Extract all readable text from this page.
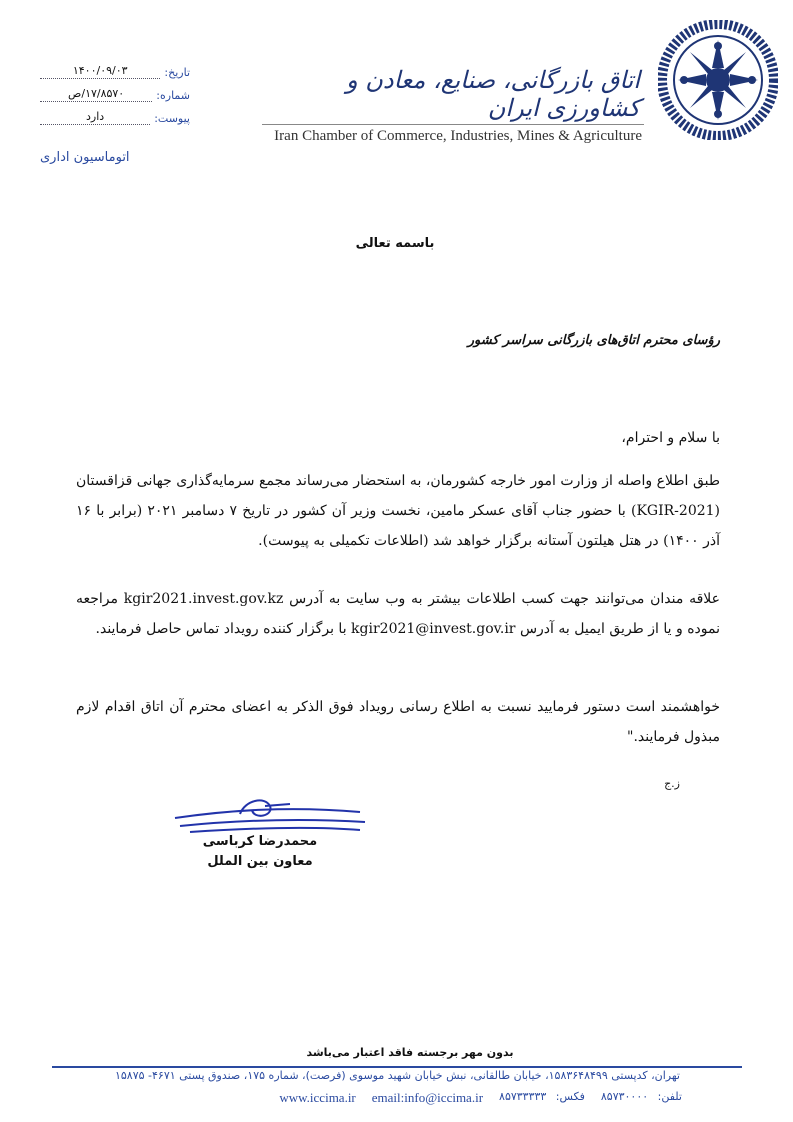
تاریخ:
۱۴۰۰/۰۹/۰۳
شماره:
۱۷/۸۵۷۰/ص
پیوست:
دارد
اتوماسیون اداری
اتاق بازرگانی، صنایع، معادن و کشاورزی ایران
Iran Chamber of Commerce, Industries, Mines & Agriculture
باسمه تعالی
رؤسای محترم اتاق‌های بازرگانی سراسر کشور
با سلام و احترام،
طبق اطلاع واصله از وزارت امور خارجه کشورمان، به استحضار می‌رساند مجمع سرمایه‌گذاری جهانی قزاقستان (KGIR-2021) با حضور جناب آقای عسکر مامین، نخست وزیر آن کشور در تاریخ ۷ دسامبر ۲۰۲۱ (برابر با ۱۶ آذر ۱۴۰۰) در هتل هیلتون آستانه برگزار خواهد شد (اطلاعات تکمیلی به پیوست).
علاقه مندان می‌توانند جهت کسب اطلاعات بیشتر به وب سایت به آدرس kgir2021.invest.gov.kz مراجعه نموده و یا از طریق ایمیل به آدرس kgir2021@invest.gov.ir با برگزار کننده رویداد تماس حاصل فرمایند.
خواهشمند است دستور فرمایید نسبت به اطلاع رسانی رویداد فوق الذکر به اعضای محترم آن اتاق اقدام لازم مبذول فرمایند."
ز.ج
محمدرضا کرباسی
معاون بین الملل
بدون مهر برجسته فاقد اعتبار می‌باشد
تهران، کدپستی ۱۵۸۳۶۴۸۴۹۹، خیابان طالقانی، نبش خیابان شهید موسوی (فرصت)، شماره ۱۷۵، صندوق پستی ۴۶۷۱- ۱۵۸۷۵
تلفن: ۸۵۷۳۰۰۰۰
فکس: ۸۵۷۳۳۳۳۳
email:info@iccima.ir
www.iccima.ir
